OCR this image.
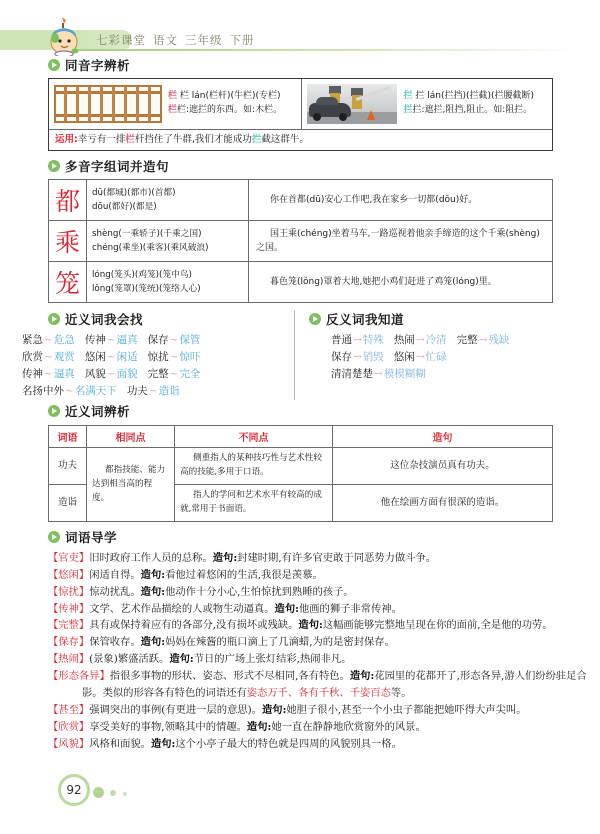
七彩课堂 语文 三年级 下册
同音字辨析
栏 栏 lán(栏杆)(牛栏)(专栏)
栏栏:遮拦的东西。如:木栏。
拦 拦 lán(拦挡)(拦截)(拦腰截断)
拦拦:遮拦,阻挡,阻止。如:阻拦。
运用:幸亏有一排栏杆挡住了牛群,我们才能成功拦截这群牛。
多音字组词并造句
都	dū(都城)(都市)(首都)
dōu(都好)(都是)	你在首都(dū)安心工作吧,我在家乡一切都(dōu)好。
乘	shèng(一乘轿子)(千乘之国)
chéng(乘坐)(乘客)(乘风破浪)	国王乘(chéng)坐着马车,一路巡视着他亲手缔造的这个千乘(shèng)之国。
笼	lóng(笼头)(鸡笼)(笼中鸟)
lǒng(笼罩)(笼统)(笼络人心)	暮色笼(lǒng)罩着大地,她把小鸡们赶进了鸡笼(lóng)里。
近义词我会找
紧急~危急 传神~逼真 保存~保管
欣赏~观赏 悠闲~闲适 惊扰~惊吓
传神~逼真 风貌~面貌 完整~完全
名扬中外~名满天下 功夫~造诣
反义词我知道
普通→特殊 热闹→冷清 完整→残缺
保存→销毁 悠闲→忙碌
清清楚楚→模模糊糊
近义词辨析
词语	相同点	不同点	造句
功夫	都指技能、能力达到相当高的程度。	侧重指人的某种技巧性与艺术性较高的技能,多用于口语。	这位杂技演员真有功夫。
造诣		指人的学问和艺术水平有较高的成就,常用于书面语。	他在绘画方面有很深的造诣。
词语导学
【官吏】旧时政府工作人员的总称。造句:封建时期,有许多官吏敢于同恶势力做斗争。
【悠闲】闲适自得。造句:看他过着悠闲的生活,我很是羡慕。
【惊扰】惊动扰乱。造句:他动作十分小心,生怕惊扰到熟睡的孩子。
【传神】文学、艺术作品描绘的人或物生动逼真。造句:他画的狮子非常传神。
【完整】具有或保持着应有的各部分,没有损坏或残缺。造句:这幅画能够完整地呈现在你的面前,全是他的功劳。
【保存】保管收存。造句:妈妈在辣酱的瓶口滴上了几滴蜡,为的是密封保存。
【热闹】(景象)繁盛活跃。造句:节日的广场上张灯结彩,热闹非凡。
【形态各异】指很多事物的形状、姿态、形式不尽相同,各有特色。造句:花园里的花都开了,形态各异,游人们纷纷驻足合影。类似的形容各有特色的词语还有姿态万千、各有千秋、千姿百态等。
【甚至】强调突出的事例(有更进一层的意思)。造句:她胆子很小,甚至一个小虫子都能把她吓得大声尖叫。
【欣赏】享受美好的事物,领略其中的情趣。造句:她一直在静静地欣赏窗外的风景。
【风貌】风格和面貌。造句:这个小亭子最大的特色就是四周的风貌别具一格。
92
